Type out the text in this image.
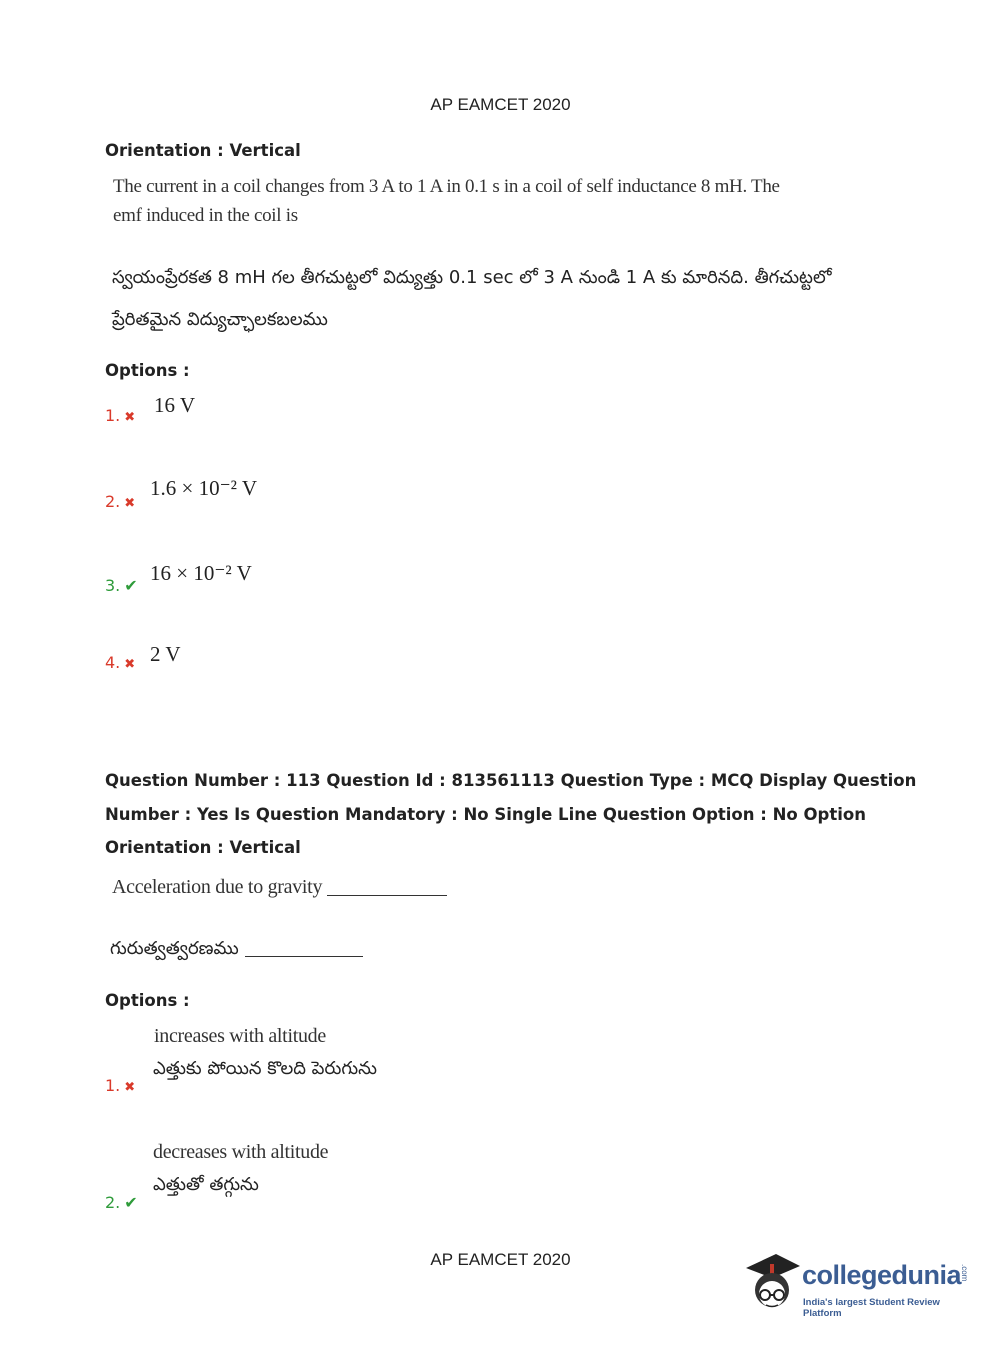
AP EAMCET 2020
Orientation : Vertical
The current in a coil changes from 3 A to 1 A in 0.1 s in a coil of self inductance 8 mH. The
emf induced in the coil is
స్వయంప్రేరకత 8 mH గల తీగచుట్టలో విద్యుత్తు 0.1 sec లో 3 A నుండి 1 A కు మారినది. తీగచుట్టలో
ప్రేరితమైన విద్యుచ్ఛాలకబలము
Options :
1. ✖
16 V
2. ✖
1.6 × 10⁻² V
3. ✔
16 × 10⁻² V
4. ✖ 2 V
Question Number : 113 Question Id : 813561113 Question Type : MCQ Display Question
Number : Yes Is Question Mandatory : No Single Line Question Option : No Option
Orientation : Vertical
Acceleration due to gravity
గురుత్వత్వరణము
Options :
increases with altitude
ఎత్తుకు పోయిన కొలది పెరుగును
1. ✖
decreases with altitude
ఎత్తుతో తగ్గును
2. ✔
AP EAMCET 2020
collegedunia
.com
India's largest Student Review Platform
